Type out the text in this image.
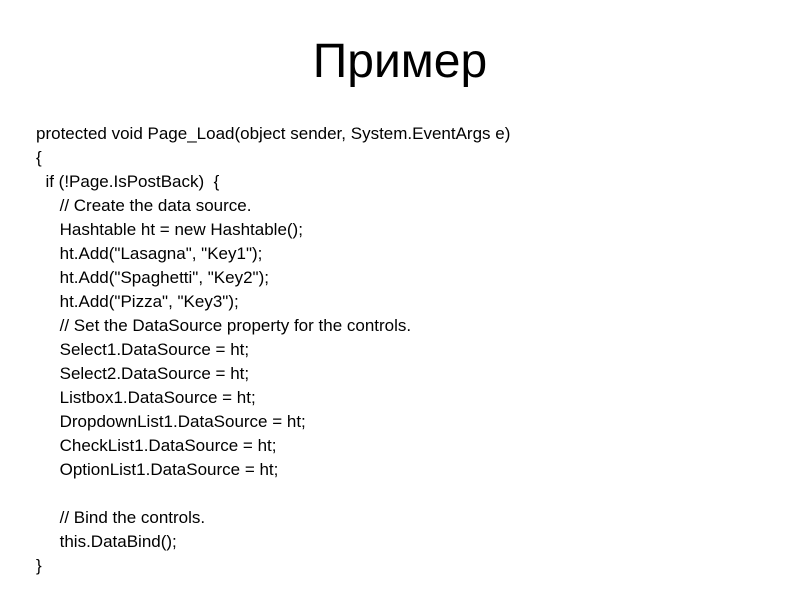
Пример
protected void Page_Load(object sender, System.EventArgs e)
{
if (!Page.IsPostBack)  {
// Create the data source.
Hashtable ht = new Hashtable();
ht.Add("Lasagna", "Key1");
ht.Add("Spaghetti", "Key2");
ht.Add("Pizza", "Key3");
// Set the DataSource property for the controls.
Select1.DataSource = ht;
Select2.DataSource = ht;
Listbox1.DataSource = ht;
DropdownList1.DataSource = ht;
CheckList1.DataSource = ht;
OptionList1.DataSource = ht;
// Bind the controls.
this.DataBind();
}
